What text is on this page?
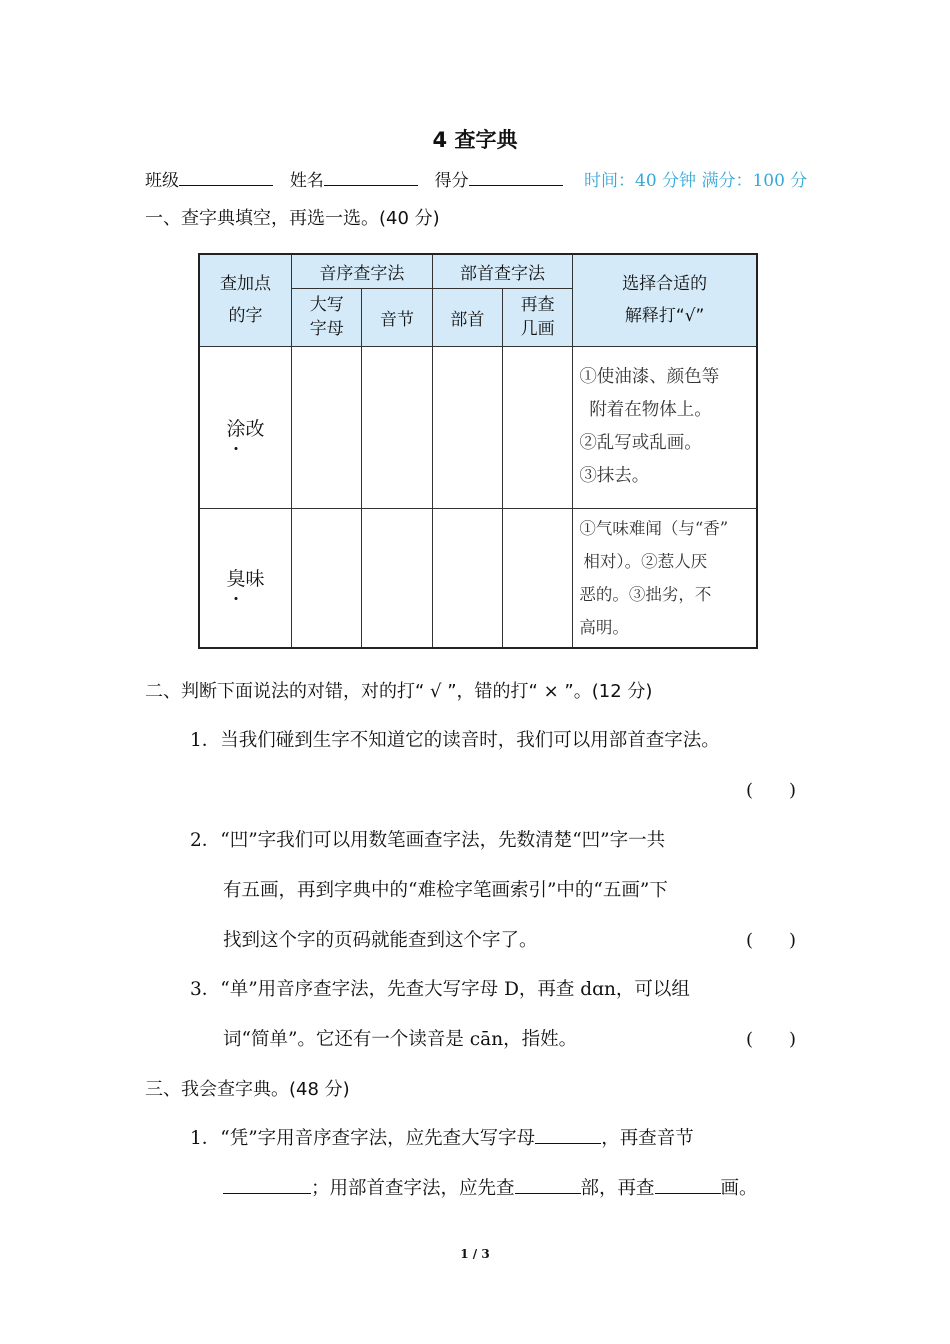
4 查字典
班级	姓名	得分	时间：40 分钟 满分：100 分
一、查字典填空，再选一选。(40 分)
查加点
的字	音序查字法		部首查字法		选择合适的
解释打“√”
	大写
字母	音节	部首	再查
几画	
涂改					①使油漆、颜色等
附着在物体上。
②乱写或乱画。
③抹去。

臭味					①气味难闻（与“香”
相对）。②惹人厌
恶的。③拙劣，不
高明。
二、判断下面说法的对错，对的打“ √ ”，错的打“ × ”。(12 分)
1．当我们碰到生字不知道它的读音时，我们可以用部首查字法。
(　　)
2．“凹”字我们可以用数笔画查字法，先数清楚“凹”字一共
有五画，再到字典中的“难检字笔画索引”中的“五画”下
找到这个字的页码就能查到这个字了。	(　　)
3．“单”用音序查字法，先查大写字母 D，再查 dɑn，可以组
词“简单”。它还有一个读音是 cān，指姓。	(　　)
三、我会查字典。(48 分)
1．“凭”字用音序查字法，应先查大写字母	，再查音节
；用部首查字法，应先查	部，再查	画。
1 / 3
